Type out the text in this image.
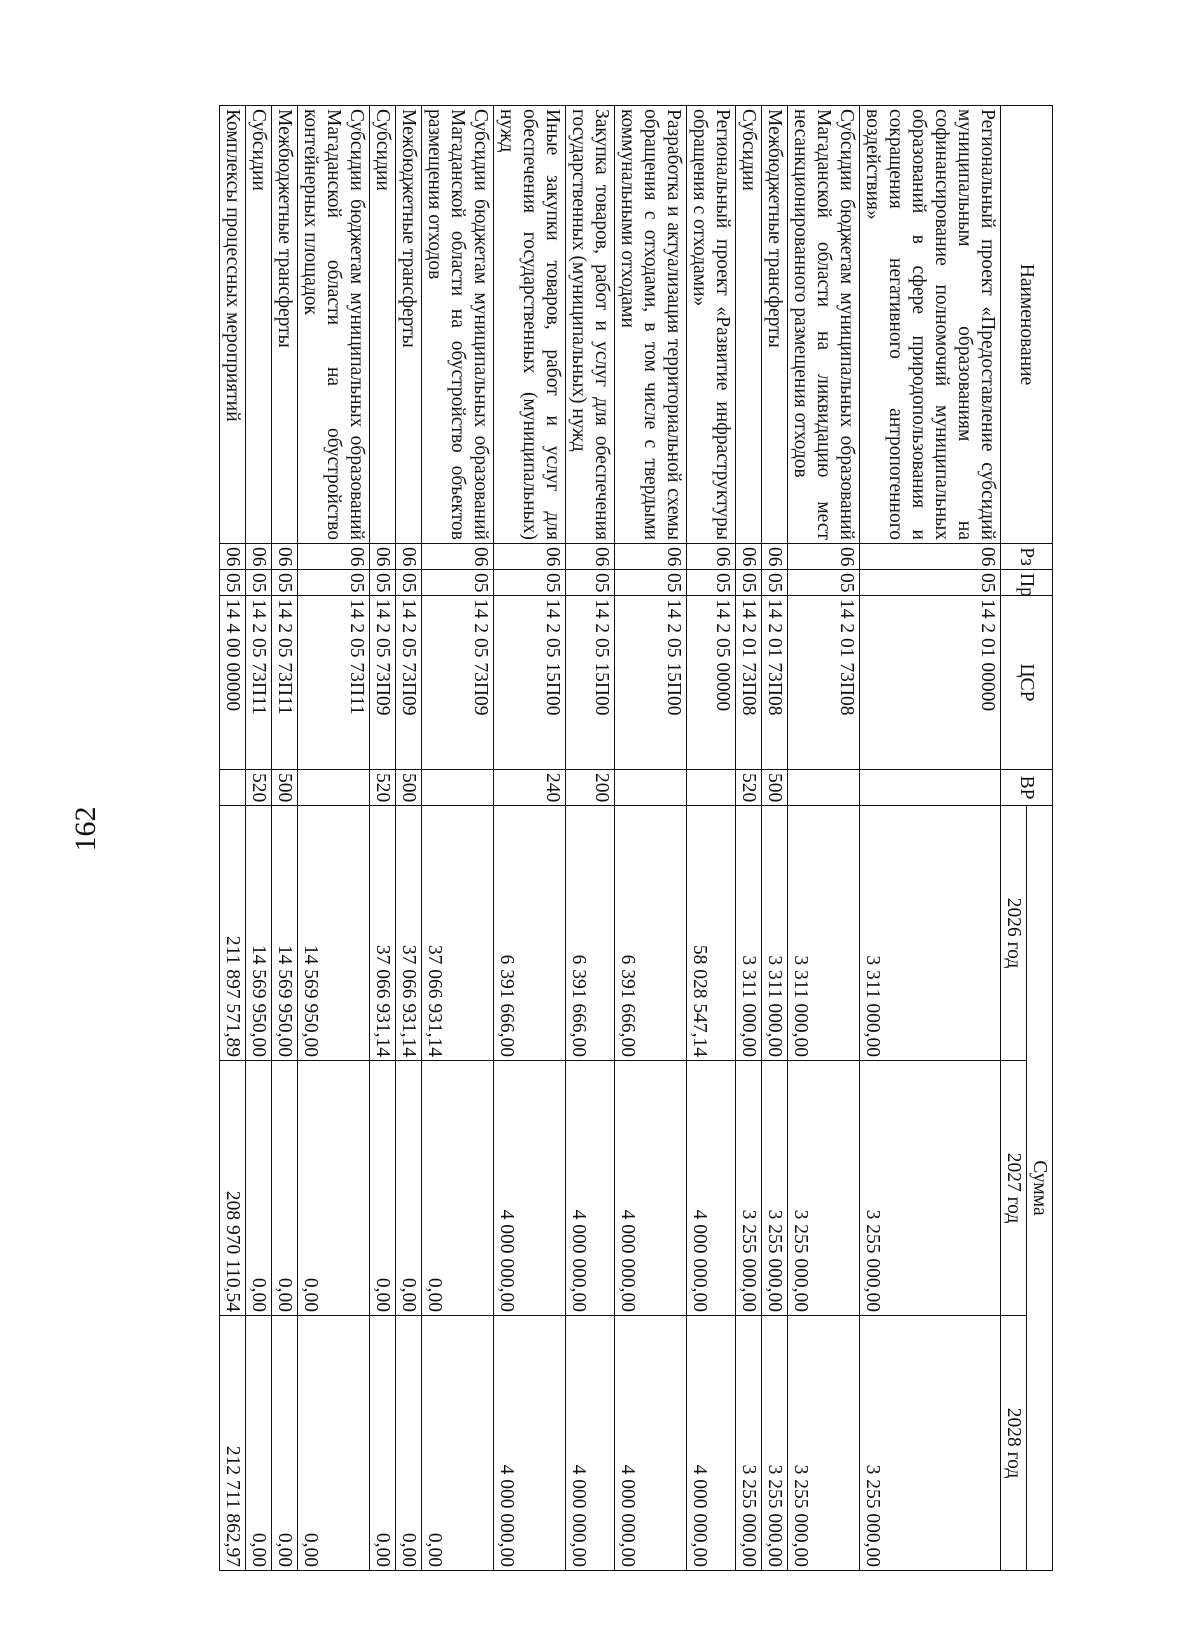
162
Наименование	Рз	Пр	ЦСР	ВР	Сумма		
					2026 год	2027 год	2028 год
Региональный проект «Предоставление субсидий муниципальным образованиям на софинансирование полномочий муниципальных образований в сфере природопользования и сокращения негативного антропогенного воздействия»	06	05	14 2 01 00000		3 311 000,00	3 255 000,00	3 255 000,00
Субсидии бюджетам муниципальных образований Магаданской области на ликвидацию мест несанкционированного размещения отходов	06	05	14 2 01 73П08		3 311 000,00	3 255 000,00	3 255 000,00
Межбюджетные трансферты	06	05	14 2 01 73П08	500	3 311 000,00	3 255 000,00	3 255 000,00
Субсидии	06	05	14 2 01 73П08	520	3 311 000,00	3 255 000,00	3 255 000,00
Региональный проект «Развитие инфраструктуры обращения с отходами»	06	05	14 2 05 00000		58 028 547,14	4 000 000,00	4 000 000,00
Разработка и актуализация территориальной схемы обращения с отходами, в том числе с твердыми коммунальными отходами	06	05	14 2 05 15П00		6 391 666,00	4 000 000,00	4 000 000,00
Закупка товаров, работ и услуг для обеспечения государственных (муниципальных) нужд	06	05	14 2 05 15П00	200	6 391 666,00	4 000 000,00	4 000 000,00
Иные закупки товаров, работ и услуг для обеспечения государственных (муниципальных) нужд	06	05	14 2 05 15П00	240	6 391 666,00	4 000 000,00	4 000 000,00
Субсидии бюджетам муниципальных образований Магаданской области на обустройство объектов размещения отходов	06	05	14 2 05 73П09		37 066 931,14	0,00	0,00
Межбюджетные трансферты	06	05	14 2 05 73П09	500	37 066 931,14	0,00	0,00
Субсидии	06	05	14 2 05 73П09	520	37 066 931,14	0,00	0,00
Субсидии бюджетам муниципальных образований Магаданской области на обустройство контейнерных площадок	06	05	14 2 05 73П11		14 569 950,00	0,00	0,00
Межбюджетные трансферты	06	05	14 2 05 73П11	500	14 569 950,00	0,00	0,00
Субсидии	06	05	14 2 05 73П11	520	14 569 950,00	0,00	0,00
Комплексы процессных мероприятий	06	05	14 4 00 00000		211 897 571,89	208 970 110,54	212 711 862,97
